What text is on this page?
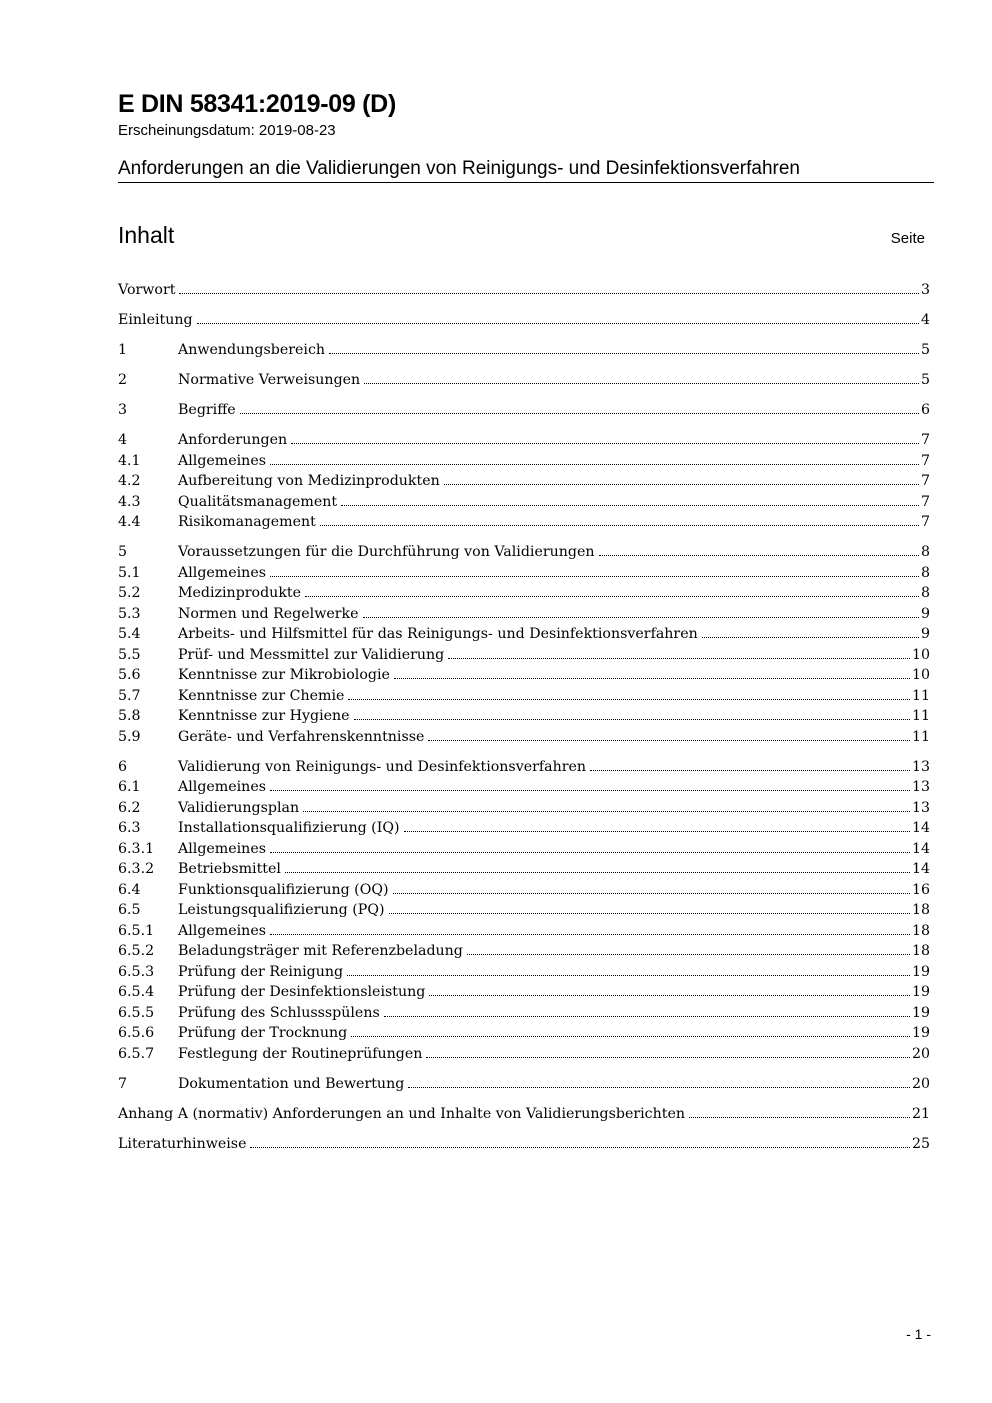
E DIN 58341:2019-09 (D)
Erscheinungsdatum: 2019-08-23
Anforderungen an die Validierungen von Reinigungs- und Desinfektionsverfahren
Inhalt	Seite
Vorwort	3
Einleitung	4
1	Anwendungsbereich	5
2	Normative Verweisungen	5
3	Begriffe	6
4	Anforderungen	7
4.1	Allgemeines	7
4.2	Aufbereitung von Medizinprodukten	7
4.3	Qualitätsmanagement	7
4.4	Risikomanagement	7
5	Voraussetzungen für die Durchführung von Validierungen	8
5.1	Allgemeines	8
5.2	Medizinprodukte	8
5.3	Normen und Regelwerke	9
5.4	Arbeits- und Hilfsmittel für das Reinigungs- und Desinfektionsverfahren	9
5.5	Prüf- und Messmittel zur Validierung	10
5.6	Kenntnisse zur Mikrobiologie	10
5.7	Kenntnisse zur Chemie	11
5.8	Kenntnisse zur Hygiene	11
5.9	Geräte- und Verfahrenskenntnisse	11
6	Validierung von Reinigungs- und Desinfektionsverfahren	13
6.1	Allgemeines	13
6.2	Validierungsplan	13
6.3	Installationsqualifizierung (IQ)	14
6.3.1	Allgemeines	14
6.3.2	Betriebsmittel	14
6.4	Funktionsqualifizierung (OQ)	16
6.5	Leistungsqualifizierung (PQ)	18
6.5.1	Allgemeines	18
6.5.2	Beladungsträger mit Referenzbeladung	18
6.5.3	Prüfung der Reinigung	19
6.5.4	Prüfung der Desinfektionsleistung	19
6.5.5	Prüfung des Schlussspülens	19
6.5.6	Prüfung der Trocknung	19
6.5.7	Festlegung der Routineprüfungen	20
7	Dokumentation und Bewertung	20
Anhang A (normativ) Anforderungen an und Inhalte von Validierungsberichten	21
Literaturhinweise	25
- 1 -
